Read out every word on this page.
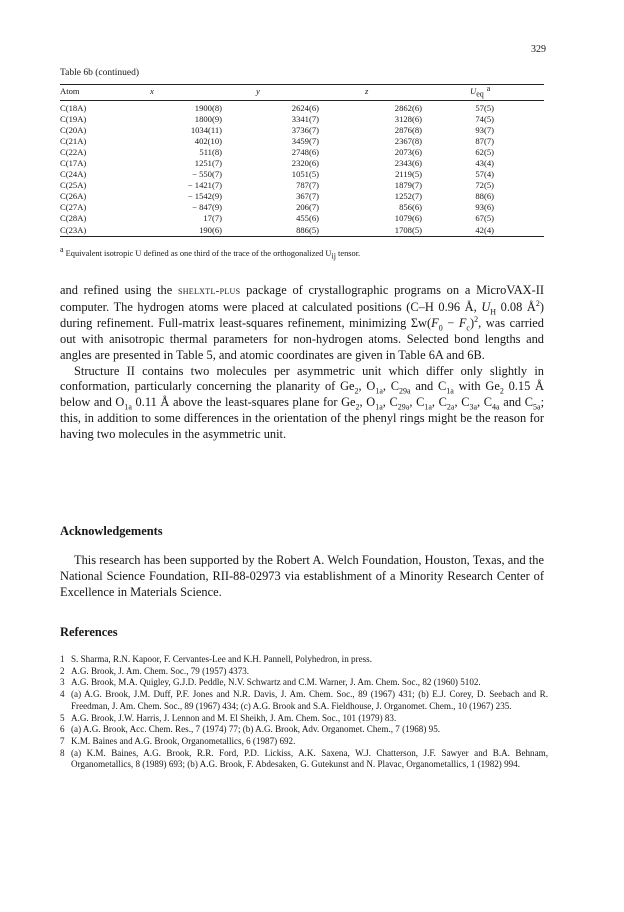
329
Table 6b (continued)
Atom	x	y	z	$U_{eq}^a$
C(18A)	1900(8)	2624(6)	2862(6)	57(5)
C(19A)	1800(9)	3341(7)	3128(6)	74(5)
C(20A)	1034(11)	3736(7)	2876(8)	93(7)
C(21A)	402(10)	3459(7)	2367(8)	87(7)
C(22A)	511(8)	2748(6)	2073(6)	62(5)
C(17A)	1251(7)	2320(6)	2343(6)	43(4)
C(24A)	− 550(7)	1051(5)	2119(5)	57(4)
C(25A)	− 1421(7)	787(7)	1879(7)	72(5)
C(26A)	− 1542(9)	367(7)	1252(7)	88(6)
C(27A)	− 847(9)	206(7)	856(6)	93(6)
C(28A)	17(7)	455(6)	1079(6)	67(5)
C(23A)	190(6)	886(5)	1708(5)	42(4)
$^a$ Equivalent isotropic U defined as one third of the trace of the orthogonalized $U_{ij}$ tensor.

and refined using the shelxtl-plus package of crystallographic programs on a MicroVAX-II computer. The hydrogen atoms were placed at calculated positions (C–H 0.96 Å, $U_H$ 0.08 $Å^2$) during refinement. Full-matrix least-squares refinement, minimizing $\Sigma w(F_0 - F_c)^2$, was carried out with anisotropic thermal parameters for non-hydrogen atoms. Selected bond lengths and angles are presented in Table 5, and atomic coordinates are given in Table 6A and 6B.

Structure II contains two molecules per asymmetric unit which differ only slightly in conformation, particularly concerning the planarity of $Ge_2$, $O_{1a}$, $C_{29a}$ and $C_{1a}$ with $Ge_2$ 0.15 Å below and $O_{1a}$ 0.11 Å above the least-squares plane for $Ge_2$, $O_{1a}$, $C_{29a}$, $C_{1a}$, $C_{2a}$, $C_{3a}$, $C_{4a}$ and $C_{5a}$; this, in addition to some differences in the orientation of the phenyl rings might be the reason for having two molecules in the asymmetric unit.

Acknowledgements

This research has been supported by the Robert A. Welch Foundation, Houston, Texas, and the National Science Foundation, RII-88-02973 via establishment of a Minority Research Center of Excellence in Materials Science.

References
1 S. Sharma, R.N. Kapoor, F. Cervantes-Lee and K.H. Pannell, Polyhedron, in press.
2 A.G. Brook, J. Am. Chem. Soc., 79 (1957) 4373.
3 A.G. Brook, M.A. Quigley, G.J.D. Peddle, N.V. Schwartz and C.M. Warner, J. Am. Chem. Soc., 82 (1960) 5102.
4 (a) A.G. Brook, J.M. Duff, P.F. Jones and N.R. Davis, J. Am. Chem. Soc., 89 (1967) 431; (b) E.J. Corey, D. Seebach and R. Freedman, J. Am. Chem. Soc., 89 (1967) 434; (c) A.G. Brook and S.A. Fieldhouse, J. Organomet. Chem., 10 (1967) 235.
5 A.G. Brook, J.W. Harris, J. Lennon and M. El Sheikh, J. Am. Chem. Soc., 101 (1979) 83.
6 (a) A.G. Brook, Acc. Chem. Res., 7 (1974) 77; (b) A.G. Brook, Adv. Organomet. Chem., 7 (1968) 95.
7 K.M. Baines and A.G. Brook, Organometallics, 6 (1987) 692.
8 (a) K.M. Baines, A.G. Brook, R.R. Ford, P.D. Lickiss, A.K. Saxena, W.J. Chatterson, J.F. Sawyer and B.A. Behnam, Organometallics, 8 (1989) 693; (b) A.G. Brook, F. Abdesaken, G. Gutekunst and N. Plavac, Organometallics, 1 (1982) 994.
